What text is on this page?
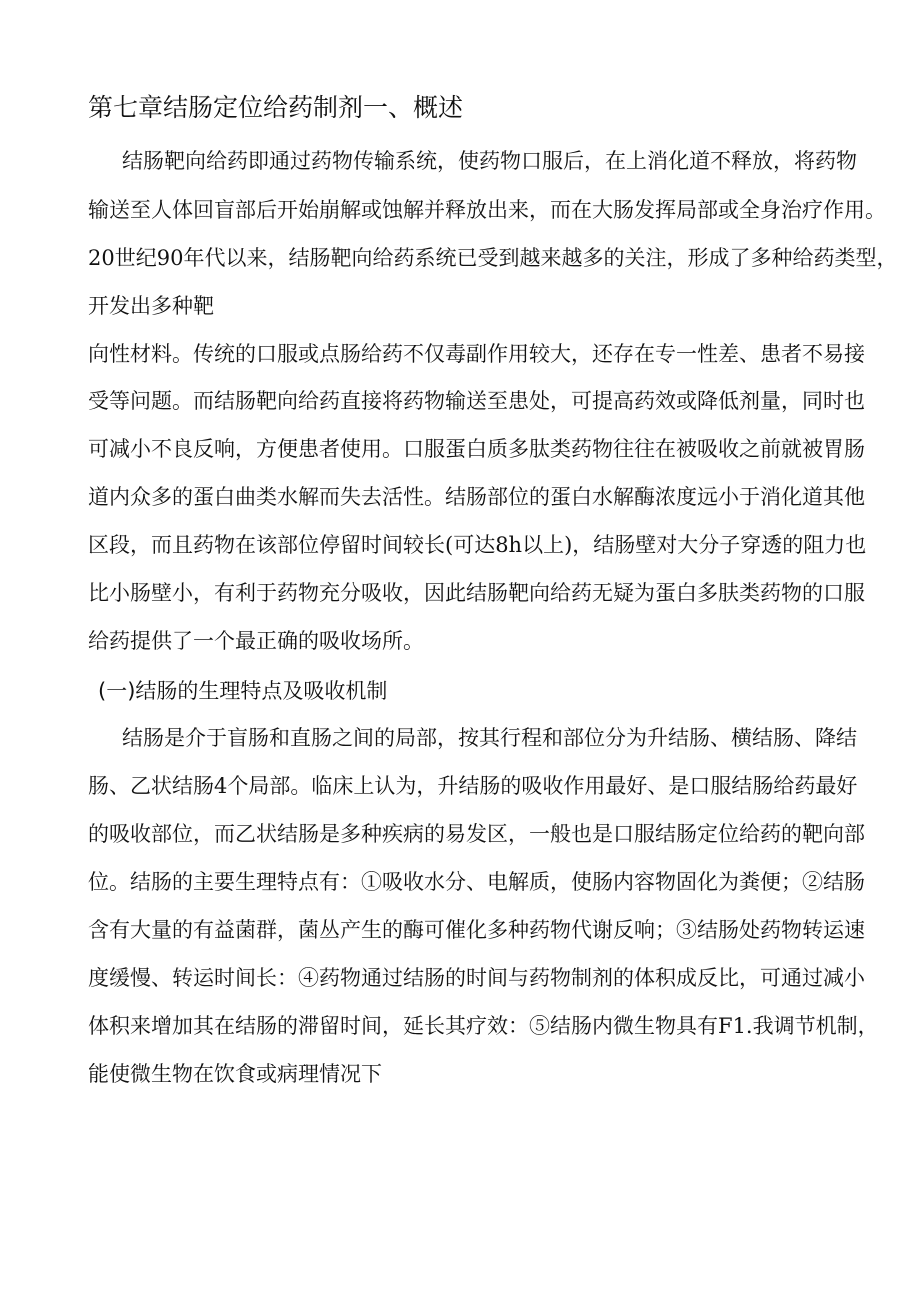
第七章结肠定位给药制剂一、概述
结肠靶向给药即通过药物传输系统，使药物口服后，在上消化道不释放，将药物
输送至人体回盲部后开始崩解或蚀解并释放出来，而在大肠发挥局部或全身治疗作用。
20世纪90年代以来，结肠靶向给药系统已受到越来越多的关注，形成了多种给药类型，
开发出多种靶
向性材料。传统的口服或点肠给药不仅毒副作用较大，还存在专一性差、患者不易接
受等问题。而结肠靶向给药直接将药物输送至患处，可提高药效或降低剂量，同时也
可减小不良反响，方便患者使用。口服蛋白质多肽类药物往往在被吸收之前就被胃肠
道内众多的蛋白曲类水解而失去活性。结肠部位的蛋白水解酶浓度远小于消化道其他
区段，而且药物在该部位停留时间较长(可达8h以上)，结肠壁对大分子穿透的阻力也
比小肠壁小，有利于药物充分吸收，因此结肠靶向给药无疑为蛋白多肤类药物的口服
给药提供了一个最正确的吸收场所。
(一)结肠的生理特点及吸收机制
结肠是介于盲肠和直肠之间的局部，按其行程和部位分为升结肠、横结肠、降结
肠、乙状结肠4个局部。临床上认为，升结肠的吸收作用最好、是口服结肠给药最好
的吸收部位，而乙状结肠是多种疾病的易发区，一般也是口服结肠定位给药的靶向部
位。结肠的主要生理特点有：①吸收水分、电解质，使肠内容物固化为粪便；②结肠
含有大量的有益菌群，菌丛产生的酶可催化多种药物代谢反响；③结肠处药物转运速
度缓慢、转运时间长：④药物通过结肠的时间与药物制剂的体积成反比，可通过减小
体积来增加其在结肠的滞留时间，延长其疗效：⑤结肠内微生物具有F1.我调节机制，
能使微生物在饮食或病理情况下
